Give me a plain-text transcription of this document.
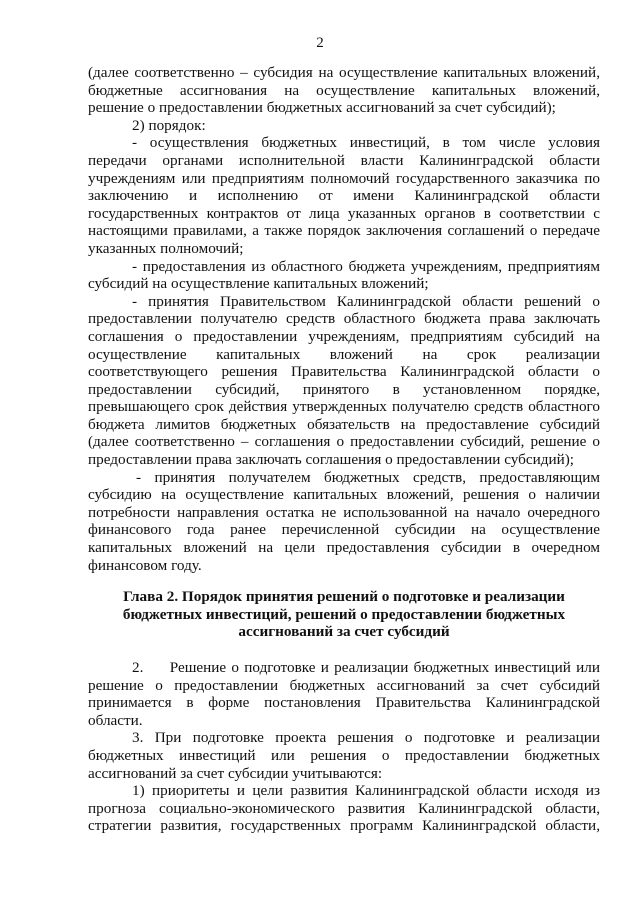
2
(далее соответственно – субсидия на осуществление капитальных вложений,
бюджетные ассигнования на осуществление капитальных вложений,
решение о предоставлении бюджетных ассигнований за счет субсидий);
2) порядок:
- осуществления бюджетных инвестиций, в том числе условия
передачи органами исполнительной власти Калининградской области
учреждениям или предприятиям полномочий государственного заказчика по
заключению и исполнению от имени Калининградской области
государственных контрактов от лица указанных органов в соответствии с
настоящими правилами, а также порядок заключения соглашений о передаче
указанных полномочий;
- предоставления из областного бюджета учреждениям, предприятиям
субсидий на осуществление капитальных вложений;
- принятия Правительством Калининградской области решений о
предоставлении получателю средств областного бюджета права заключать
соглашения о предоставлении учреждениям, предприятиям субсидий на
осуществление капитальных вложений на срок реализации
соответствующего решения Правительства Калининградской области о
предоставлении субсидий, принятого в установленном порядке,
превышающего срок действия утвержденных получателю средств областного
бюджета лимитов бюджетных обязательств на предоставление субсидий
(далее соответственно – соглашения о предоставлении субсидий, решение о
предоставлении права заключать соглашения о предоставлении субсидий);
- принятия получателем бюджетных средств, предоставляющим
субсидию на осуществление капитальных вложений, решения о наличии
потребности направления остатка не использованной на начало очередного
финансового года ранее перечисленной субсидии на осуществление
капитальных вложений на цели предоставления субсидии в очередном
финансовом году.
Глава 2. Порядок принятия решений о подготовке и реализации
бюджетных инвестиций, решений о предоставлении бюджетных
ассигнований за счет субсидий
2.     Решение о подготовке и реализации бюджетных инвестиций или
решение о предоставлении бюджетных ассигнований за счет субсидий
принимается в форме постановления Правительства Калининградской
области.
3. При подготовке проекта решения о подготовке и реализации
бюджетных инвестиций или решения о предоставлении бюджетных
ассигнований за счет субсидии учитываются:
1) приоритеты и цели развития Калининградской области исходя из
прогноза социально-экономического развития Калининградской области,
стратегии развития, государственных программ Калининградской области,
